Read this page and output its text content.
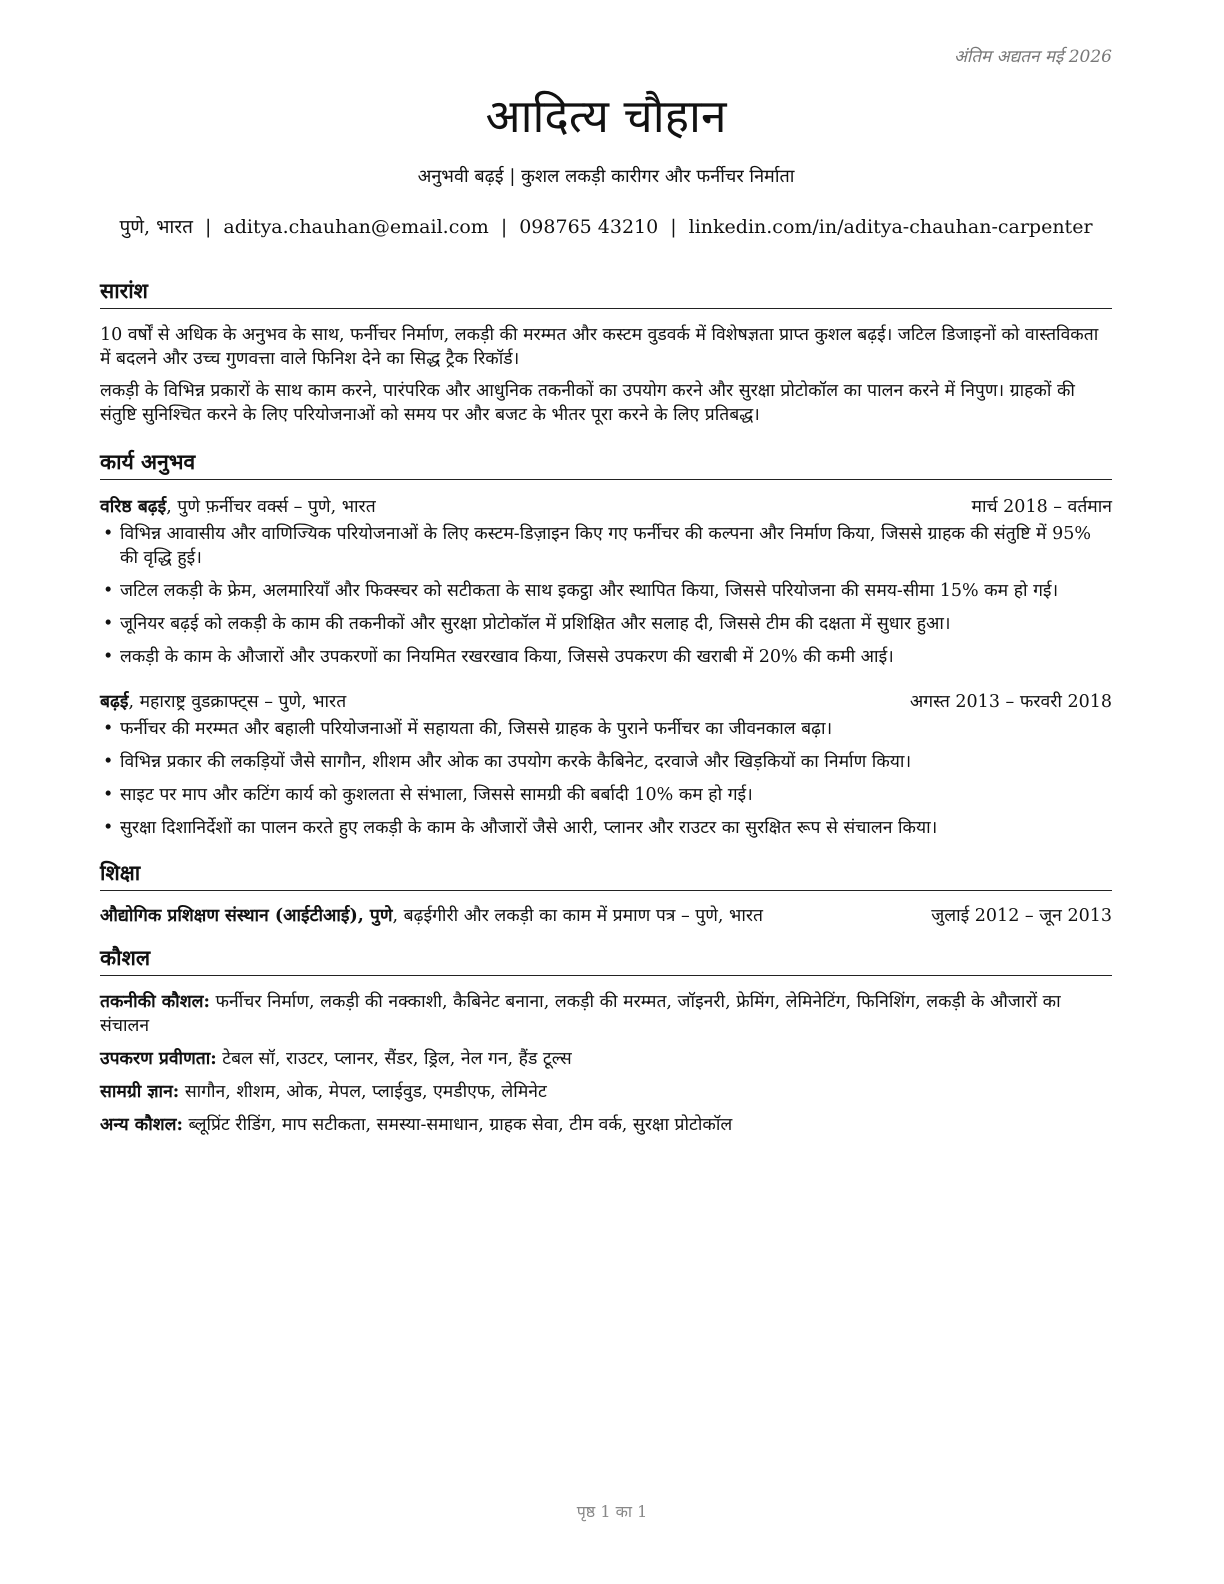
अंतिम अद्यतन मई 2026
आदित्य चौहान
अनुभवी बढ़ई | कुशल लकड़ी कारीगर और फर्नीचर निर्माता
पुणे, भारत | aditya.chauhan@email.com | 098765 43210 | linkedin.com/in/aditya-chauhan-carpenter
सारांश

10 वर्षों से अधिक के अनुभव के साथ, फर्नीचर निर्माण, लकड़ी की मरम्मत और कस्टम वुडवर्क में विशेषज्ञता प्राप्त कुशल बढ़ई। जटिल डिजाइनों को वास्तविकता में बदलने और उच्च गुणवत्ता वाले फिनिश देने का सिद्ध ट्रैक रिकॉर्ड।

लकड़ी के विभिन्न प्रकारों के साथ काम करने, पारंपरिक और आधुनिक तकनीकों का उपयोग करने और सुरक्षा प्रोटोकॉल का पालन करने में निपुण। ग्राहकों की संतुष्टि सुनिश्चित करने के लिए परियोजनाओं को समय पर और बजट के भीतर पूरा करने के लिए प्रतिबद्ध।

कार्य अनुभव
वरिष्ठ बढ़ई, पुणे फ़र्नीचर वर्क्स – पुणे, भारत	मार्च 2018 – वर्तमान
• विभिन्न आवासीय और वाणिज्यिक परियोजनाओं के लिए कस्टम-डिज़ाइन किए गए फर्नीचर की कल्पना और निर्माण किया, जिससे ग्राहक की संतुष्टि में 95% की वृद्धि हुई।
• जटिल लकड़ी के फ्रेम, अलमारियाँ और फिक्स्चर को सटीकता के साथ इकट्ठा और स्थापित किया, जिससे परियोजना की समय-सीमा 15% कम हो गई।
• जूनियर बढ़ई को लकड़ी के काम की तकनीकों और सुरक्षा प्रोटोकॉल में प्रशिक्षित और सलाह दी, जिससे टीम की दक्षता में सुधार हुआ।
• लकड़ी के काम के औजारों और उपकरणों का नियमित रखरखाव किया, जिससे उपकरण की खराबी में 20% की कमी आई।
बढ़ई, महाराष्ट्र वुडक्राफ्ट्स – पुणे, भारत	अगस्त 2013 – फरवरी 2018
• फर्नीचर की मरम्मत और बहाली परियोजनाओं में सहायता की, जिससे ग्राहक के पुराने फर्नीचर का जीवनकाल बढ़ा।
• विभिन्न प्रकार की लकड़ियों जैसे सागौन, शीशम और ओक का उपयोग करके कैबिनेट, दरवाजे और खिड़कियों का निर्माण किया।
• साइट पर माप और कटिंग कार्य को कुशलता से संभाला, जिससे सामग्री की बर्बादी 10% कम हो गई।
• सुरक्षा दिशानिर्देशों का पालन करते हुए लकड़ी के काम के औजारों जैसे आरी, प्लानर और राउटर का सुरक्षित रूप से संचालन किया।
शिक्षा
औद्योगिक प्रशिक्षण संस्थान (आईटीआई), पुणे, बढ़ईगीरी और लकड़ी का काम में प्रमाण पत्र – पुणे, भारत	जुलाई 2012 – जून 2013
कौशल
तकनीकी कौशल: फर्नीचर निर्माण, लकड़ी की नक्काशी, कैबिनेट बनाना, लकड़ी की मरम्मत, जॉइनरी, फ्रेमिंग, लेमिनेटिंग, फिनिशिंग, लकड़ी के औजारों का संचालन
उपकरण प्रवीणता: टेबल सॉ, राउटर, प्लानर, सैंडर, ड्रिल, नेल गन, हैंड टूल्स
सामग्री ज्ञान: सागौन, शीशम, ओक, मेपल, प्लाईवुड, एमडीएफ, लेमिनेट
अन्य कौशल: ब्लूप्रिंट रीडिंग, माप सटीकता, समस्या-समाधान, ग्राहक सेवा, टीम वर्क, सुरक्षा प्रोटोकॉल
पृष्ठ 1 का 1
